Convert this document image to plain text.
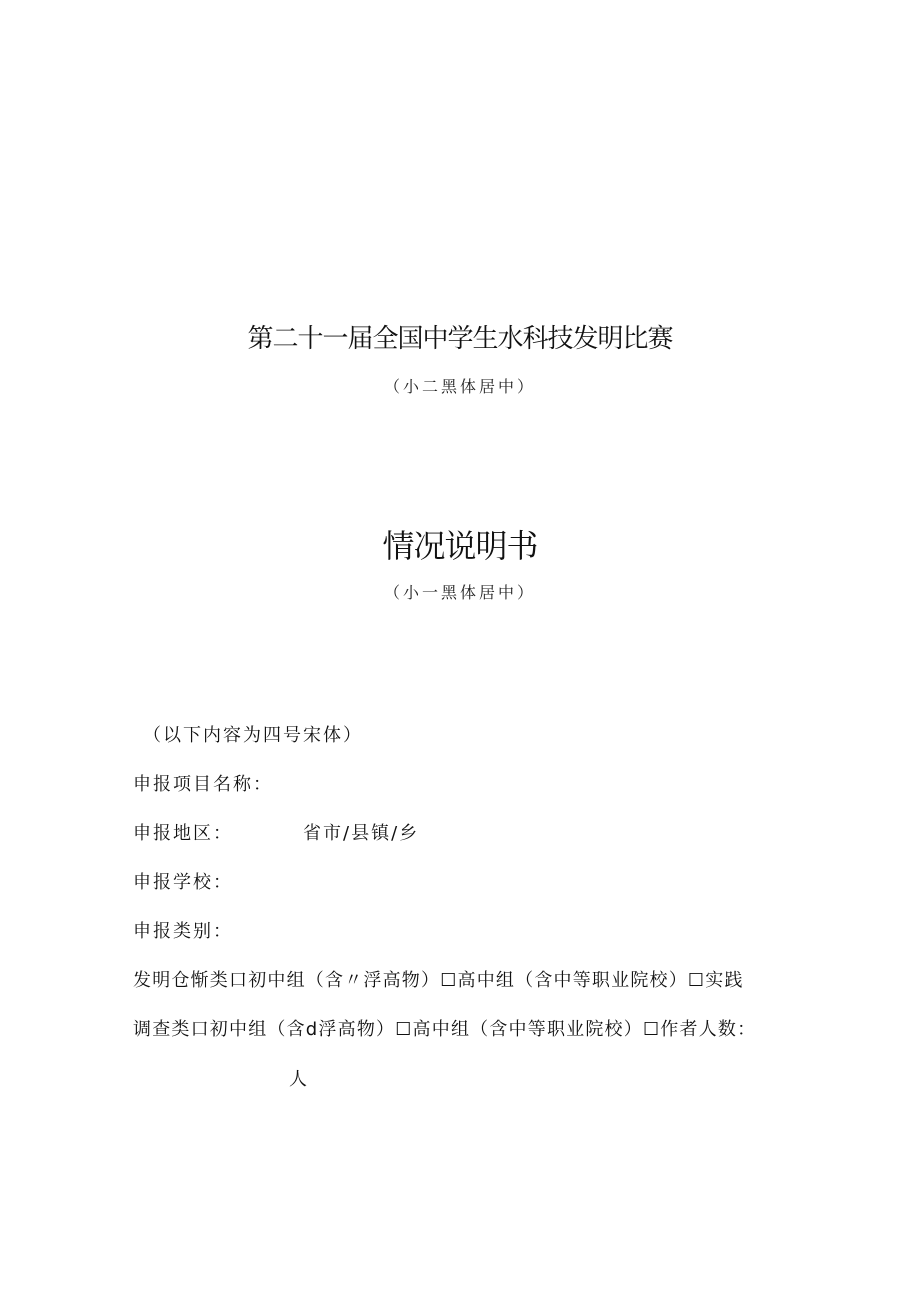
第二十一届全国中学生水科技发明比赛
（小二黑体居中）
情况说明书
（小一黑体居中）
（以下内容为四号宋体）
申报项目名称：
申报地区：	省市/县镇/乡
申报学校：
申报类别：
发明仓惭类口初中组（含〃浮高物）☐高中组（含中等职业院校）☐实践
调查类口初中组（含d浮高物）☐高中组（含中等职业院校）☐作者人数：
人
